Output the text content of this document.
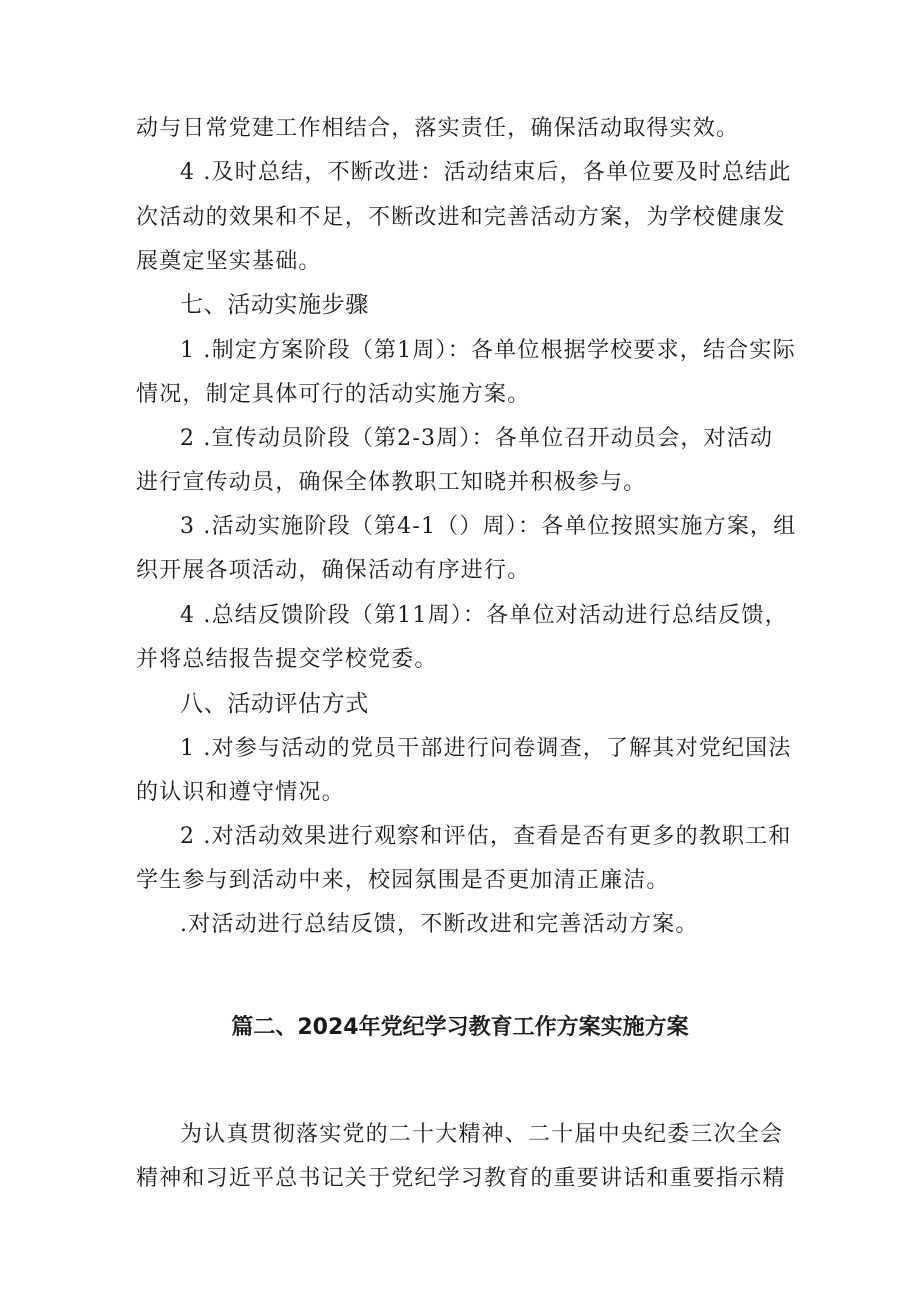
动与日常党建工作相结合，落实责任，确保活动取得实效。
4 .及时总结，不断改进：活动结束后，各单位要及时总结此
次活动的效果和不足，不断改进和完善活动方案，为学校健康发
展奠定坚实基础。
七、活动实施步骤
1 .制定方案阶段（第1周）：各单位根据学校要求，结合实际
情况，制定具体可行的活动实施方案。
2 .宣传动员阶段（第2-3周）：各单位召开动员会，对活动
进行宣传动员，确保全体教职工知晓并积极参与。
3 .活动实施阶段（第4-1（）周）：各单位按照实施方案，组
织开展各项活动，确保活动有序进行。
4 .总结反馈阶段（第11周）：各单位对活动进行总结反馈，
并将总结报告提交学校党委。
八、活动评估方式
1 .对参与活动的党员干部进行问卷调查，了解其对党纪国法
的认识和遵守情况。
2 .对活动效果进行观察和评估，查看是否有更多的教职工和
学生参与到活动中来，校园氛围是否更加清正廉洁。
.对活动进行总结反馈，不断改进和完善活动方案。
篇二、2024年党纪学习教育工作方案实施方案
为认真贯彻落实党的二十大精神、二十届中央纪委三次全会
精神和习近平总书记关于党纪学习教育的重要讲话和重要指示精
